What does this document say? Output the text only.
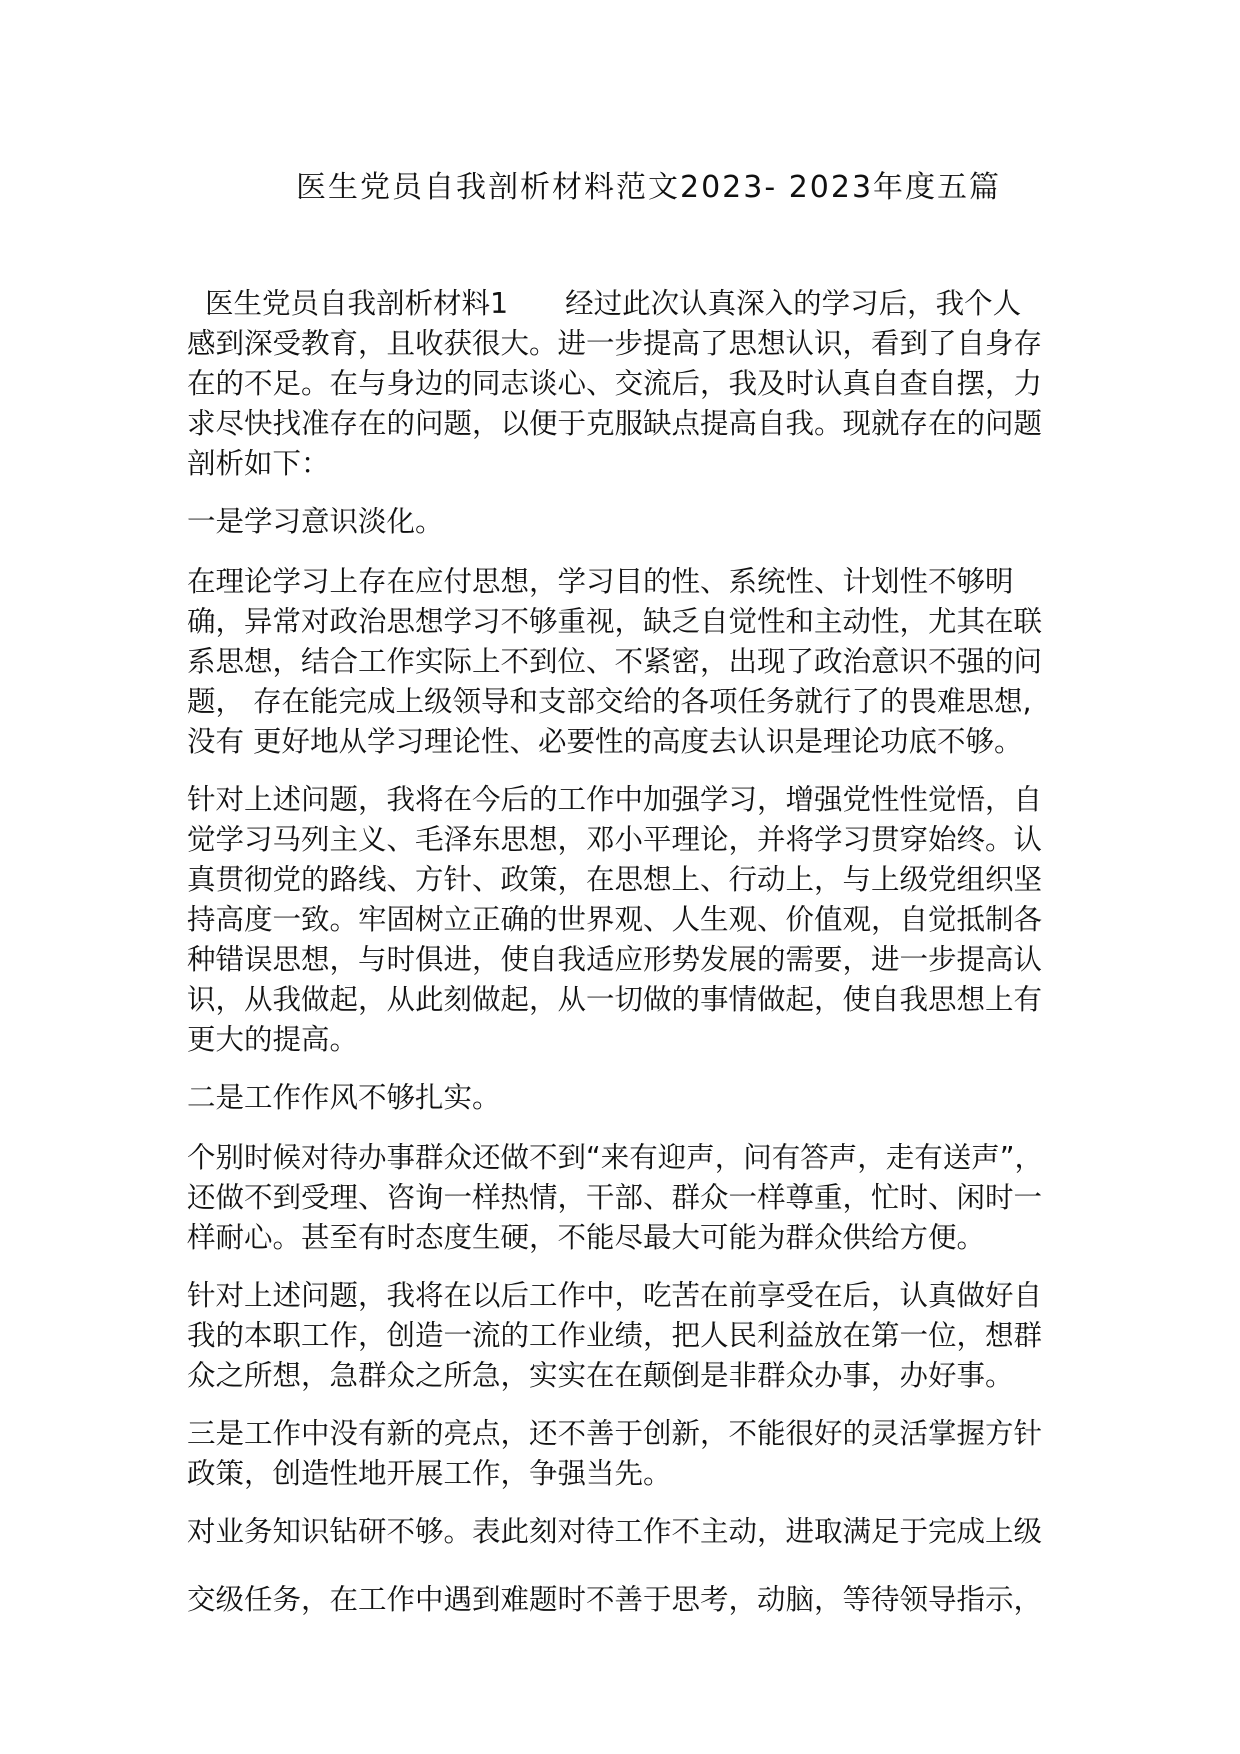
医生党员自我剖析材料范文2023- 2023年度五篇

医生党员自我剖析材料1　　经过此次认真深入的学习后，我个人 感到深受教育，且收获很大。进一步提高了思想认识，看到了自身存 在的不足。在与身边的同志谈心、交流后，我及时认真自查自摆，力 求尽快找准存在的问题，以便于克服缺点提高自我。现就存在的问题 剖析如下：

一是学习意识淡化。

在理论学习上存在应付思想，学习目的性、系统性、计划性不够明确，异常对政治思想学习不够重视，缺乏自觉性和主动性，尤其在联系思想，结合工作实际上不到位、不紧密，出现了政治意识不强的问题， 存在能完成上级领导和支部交给的各项任务就行了的畏难思想,没有 更好地从学习理论性、必要性的高度去认识是理论功底不够。

针对上述问题，我将在今后的工作中加强学习，增强党性性觉悟，自觉学习马列主义、毛泽东思想，邓小平理论，并将学习贯穿始终。认真贯彻党的路线、方针、政策，在思想上、行动上，与上级党组织坚持高度一致。牢固树立正确的世界观、人生观、价值观，自觉抵制各种错误思想，与时俱进，使自我适应形势发展的需要，进一步提高认识，从我做起，从此刻做起，从一切做的事情做起，使自我思想上有 更大的提高。

二是工作作风不够扎实。

个别时候对待办事群众还做不到“来有迎声，问有答声，走有送声”，还做不到受理、咨询一样热情，干部、群众一样尊重，忙时、闲时一 样耐心。甚至有时态度生硬，不能尽最大可能为群众供给方便。

针对上述问题，我将在以后工作中，吃苦在前享受在后，认真做好自 我的本职工作，创造一流的工作业绩，把人民利益放在第一位，想群 众之所想，急群众之所急，实实在在颠倒是非群众办事，办好事。

三是工作中没有新的亮点，还不善于创新，不能很好的灵活掌握方针 政策，创造性地开展工作，争强当先。

对业务知识钻研不够。表此刻对待工作不主动，进取满足于完成上级

交级任务，在工作中遇到难题时不善于思考，动脑，等待领导指示，
